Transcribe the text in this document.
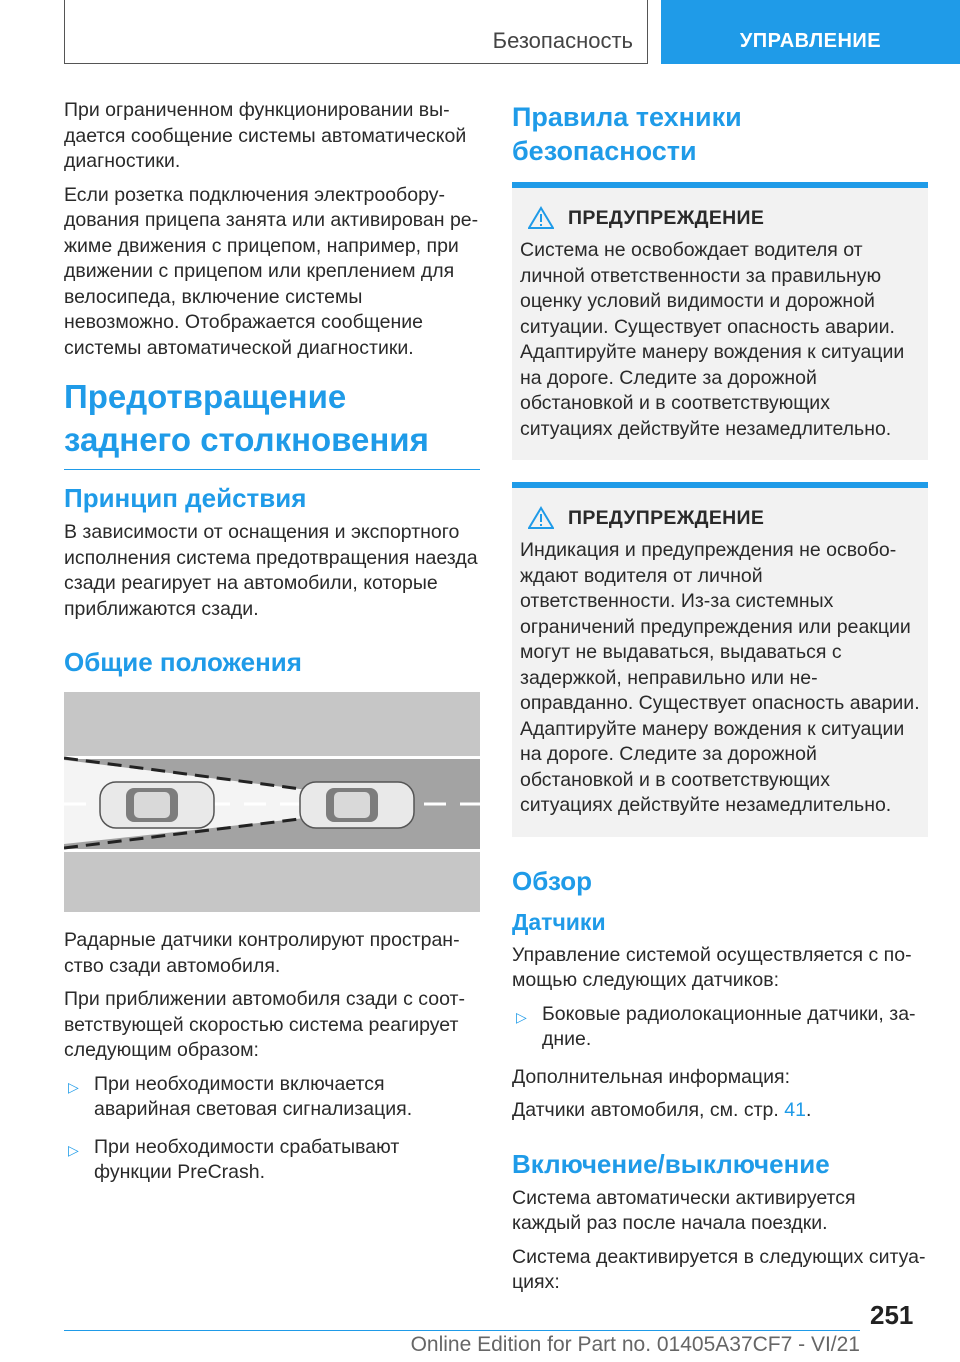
Безопасность	УПРАВЛЕНИЕ

При ограниченном функционировании выдается сообщение системы автоматической диагностики.

Если розетка подключения электрооборудования прицепа занята или активирован режиме движения с прицепом, например, при движении с прицепом или креплением для велосипеда, включение системы невозможно. Отображается сообщение системы автоматической диагностики.

Предотвращение заднего столкновения
Принцип действия

В зависимости от оснащения и экспортного исполнения система предотвращения наезда сзади реагирует на автомобили, которые приближаются сзади.

Общие положения

Радарные датчики контролируют пространство сзади автомобиля.

При приближении автомобиля сзади с соответствующей скоростью система реагирует следующим образом:

▷ При необходимости включается аварийная световая сигнализация.
▷ При необходимости срабатывают функции PreCrash.
Правила техники безопасности
ПРЕДУПРЕЖДЕНИЕ

Система не освобождает водителя от личной ответственности за правильную оценку условий видимости и дорожной ситуации. Существует опасность аварии. Адаптируйте манеру вождения к ситуации на дороге. Следите за дорожной обстановкой и в соответствующих ситуациях действуйте незамедлительно.

ПРЕДУПРЕЖДЕНИЕ

Индикация и предупреждения не освобождают водителя от личной ответственности. Из-за системных ограничений предупреждения или реакции могут не выдаваться, выдаваться с задержкой, неправильно или неоправданно. Существует опасность аварии. Адаптируйте манеру вождения к ситуации на дороге. Следите за дорожной обстановкой и в соответствующих ситуациях действуйте незамедлительно.

Обзор
Датчики

Управление системой осуществляется с помощью следующих датчиков:

▷ Боковые радиолокационные датчики, задние.

Дополнительная информация:

Датчики автомобиля, см. стр. 41.

Включение/выключение

Система автоматически активируется каждый раз после начала поездки.

Система деактивируется в следующих ситуациях:

251
Online Edition for Part no. 01405A37CF7 - VI/21
